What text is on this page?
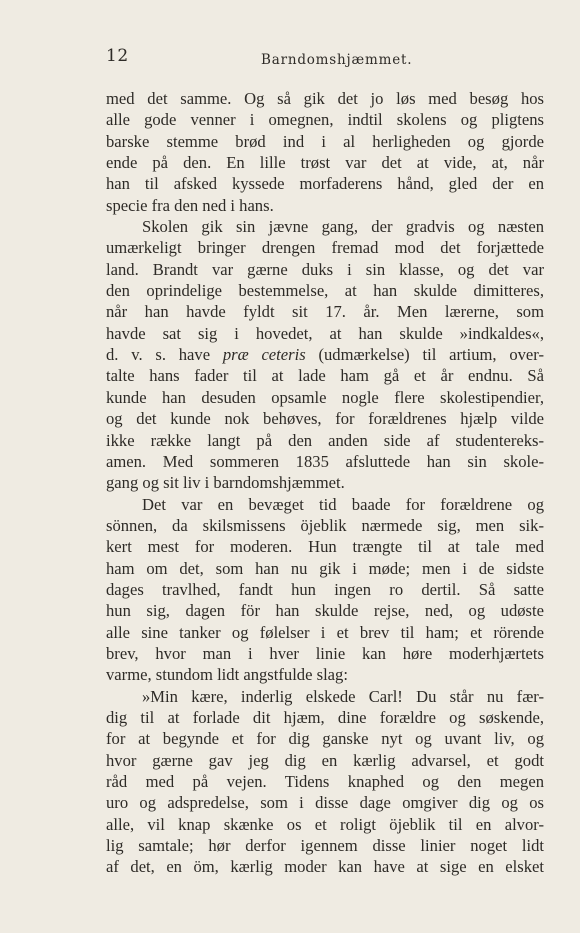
12	Barndomshjæmmet.
med det samme. Og så gik det jo løs med besøg hos
alle gode venner i omegnen, indtil skolens og pligtens
barske stemme brød ind i al herligheden og gjorde
ende på den. En lille trøst var det at vide, at, når
han til afsked kyssede morfaderens hånd, gled der en
specie fra den ned i hans.
Skolen gik sin jævne gang, der gradvis og næsten
umærkeligt bringer drengen fremad mod det forjættede
land. Brandt var gærne duks i sin klasse, og det var
den oprindelige bestemmelse, at han skulde dimitteres,
når han havde fyldt sit 17. år. Men lærerne, som
havde sat sig i hovedet, at han skulde »indkaldes«,
d. v. s. have præ ceteris (udmærkelse) til artium, over-
talte hans fader til at lade ham gå et år endnu. Så
kunde han desuden opsamle nogle flere skolestipendier,
og det kunde nok behøves, for forældrenes hjælp vilde
ikke række langt på den anden side af studentereks-
amen. Med sommeren 1835 afsluttede han sin skole-
gang og sit liv i barndomshjæmmet.
Det var en bevæget tid baade for forældrene og
sönnen, da skilsmissens öjeblik nærmede sig, men sik-
kert mest for moderen. Hun trængte til at tale med
ham om det, som han nu gik i møde; men i de sidste
dages travlhed, fandt hun ingen ro dertil. Så satte
hun sig, dagen för han skulde rejse, ned, og udøste
alle sine tanker og følelser i et brev til ham; et rörende
brev, hvor man i hver linie kan høre moderhjærtets
varme, stundom lidt angstfulde slag:
»Min kære, inderlig elskede Carl! Du står nu fær-
dig til at forlade dit hjæm, dine forældre og søskende,
for at begynde et for dig ganske nyt og uvant liv, og
hvor gærne gav jeg dig en kærlig advarsel, et godt
råd med på vejen. Tidens knaphed og den megen
uro og adspredelse, som i disse dage omgiver dig og os
alle, vil knap skænke os et roligt öjeblik til en alvor-
lig samtale; hør derfor igennem disse linier noget lidt
af det, en öm, kærlig moder kan have at sige en elsket
